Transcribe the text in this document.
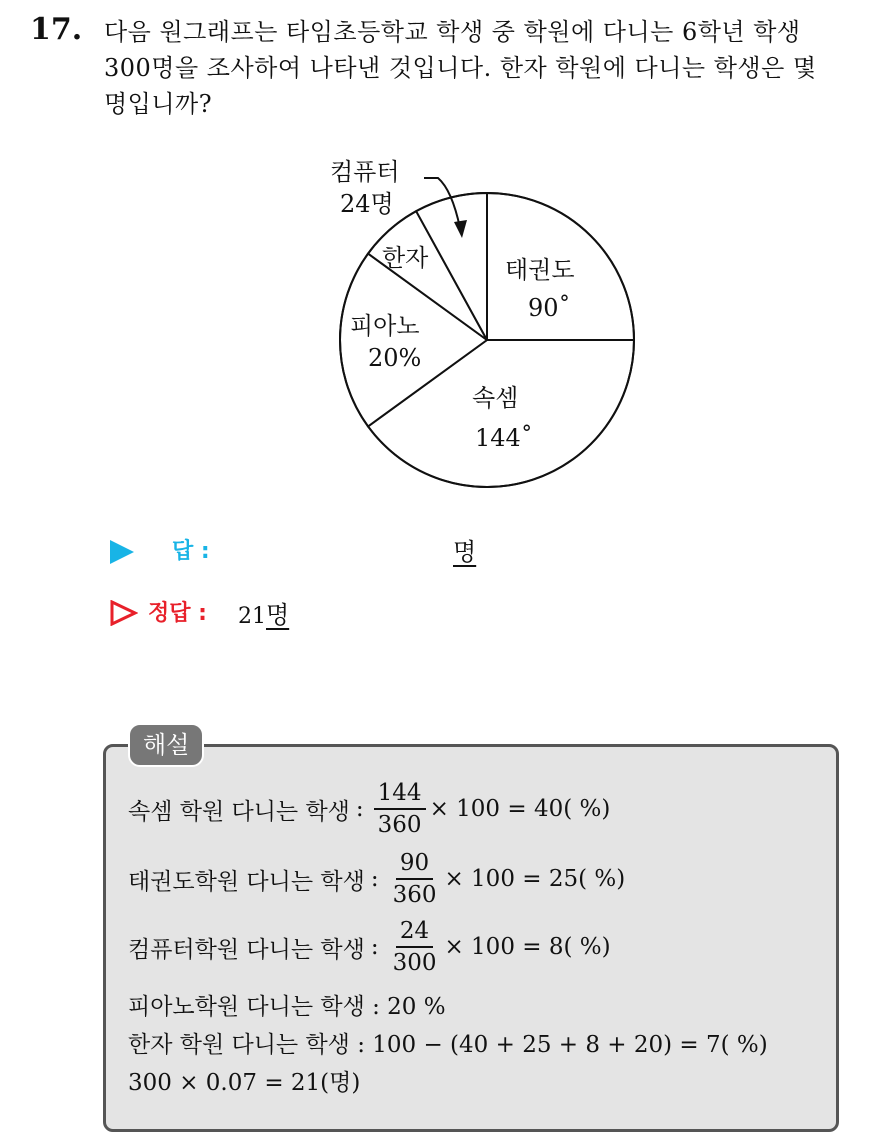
17. 다음 원그래프는 타임초등학교 학생 중 학원에 다니는 6학년 학생
300명을 조사하여 나타낸 것입니다. 한자 학원에 다니는 학생은 몇
명입니까?
태권도
90˚
속셈
144˚
피아노
20%
한자
컴퓨터
24명
답 :	명
정답 : 21명
해설
속셈 학원 다니는 학생 : $\frac{144}{360} \times 100 = 40$( %)
태권도학원 다니는 학생 : $\frac{90}{360} \times 100 = 25$( %)
컴퓨터학원 다니는 학생 : $\frac{24}{300} \times 100 = 8$( %)
피아노학원 다니는 학생 : 20 %
한자 학원 다니는 학생 : 100 − (40 + 25 + 8 + 20) = 7( %)
300 × 0.07 = 21(명)
